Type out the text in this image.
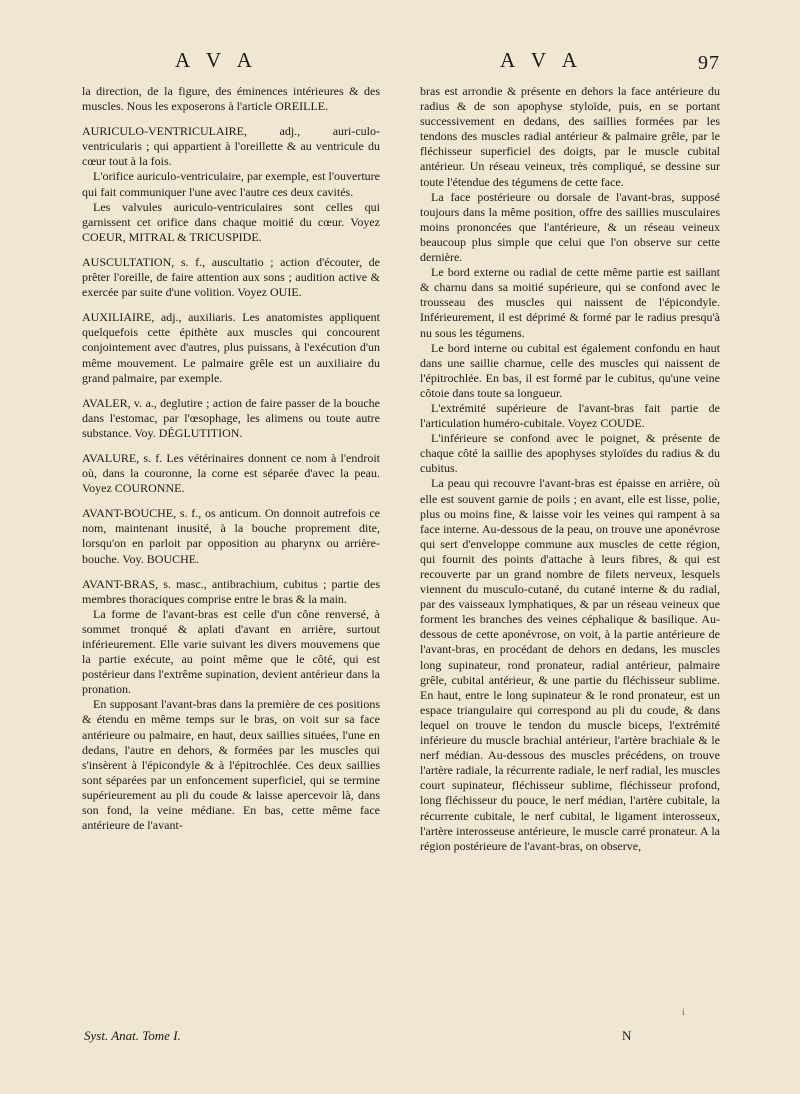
A V A	A V A	97

la direction, de la figure, des éminences intérieures & des muscles. Nous les exposerons à l'article OREILLE.

AURICULO-VENTRICULAIRE, adj., auri-culo-ventricularis ; qui appartient à l'oreillette & au ventricule du cœur tout à la fois.

L'orifice auriculo-ventriculaire, par exemple, est l'ouverture qui fait communiquer l'une avec l'autre ces deux cavités.

Les valvules auriculo-ventriculaires sont celles qui garnissent cet orifice dans chaque moitié du cœur. Voyez COEUR, MITRAL & TRICUSPIDE.

AUSCULTATION, s. f., auscultatio ; action d'écouter, de prêter l'oreille, de faire attention aux sons ; audition active & exercée par suite d'une volition. Voyez OUIE.

AUXILIAIRE, adj., auxiliaris. Les anatomistes appliquent quelquefois cette épithète aux muscles qui concourent conjointement avec d'autres, plus puissans, à l'exécution d'un même mouvement. Le palmaire grêle est un auxiliaire du grand palmaire, par exemple.

AVALER, v. a., deglutire ; action de faire passer de la bouche dans l'estomac, par l'œsophage, les alimens ou toute autre substance. Voy. DÉGLUTITION.

AVALURE, s. f. Les vétérinaires donnent ce nom à l'endroit où, dans la couronne, la corne est séparée d'avec la peau. Voyez COURONNE.

AVANT-BOUCHE, s. f., os anticum. On donnoit autrefois ce nom, maintenant inusité, à la bouche proprement dite, lorsqu'on en parloit par opposition au pharynx ou arrière-bouche. Voy. BOUCHE.

AVANT-BRAS, s. masc., antibrachium, cubitus ; partie des membres thoraciques comprise entre le bras & la main.

La forme de l'avant-bras est celle d'un cône renversé, à sommet tronqué & aplati d'avant en arrière, surtout inférieurement. Elle varie suivant les divers mouvemens que la partie exécute, au point même que le côté, qui est postérieur dans l'extrême supination, devient antérieur dans la pronation.

En supposant l'avant-bras dans la première de ces positions & étendu en même temps sur le bras, on voit sur sa face antérieure ou palmaire, en haut, deux saillies situées, l'une en dedans, l'autre en dehors, & formées par les muscles qui s'insèrent à l'épicondyle & à l'épitrochlée. Ces deux saillies sont séparées par un enfoncement superficiel, qui se termine supérieurement au pli du coude & laisse apercevoir là, dans son fond, la veine médiane. En bas, cette même face antérieure de l'avant-

bras est arrondie & présente en dehors la face antérieure du radius & de son apophyse styloïde, puis, en se portant successivement en dedans, des saillies formées par les tendons des muscles radial antérieur & palmaire grêle, par le fléchisseur superficiel des doigts, par le muscle cubital antérieur. Un réseau veineux, très compliqué, se dessine sur toute l'étendue des tégumens de cette face.

La face postérieure ou dorsale de l'avant-bras, supposé toujours dans la même position, offre des saillies musculaires moins prononcées que l'antérieure, & un réseau veineux beaucoup plus simple que celui que l'on observe sur cette dernière.

Le bord externe ou radial de cette même partie est saillant & charnu dans sa moitié supérieure, qui se confond avec le trousseau des muscles qui naissent de l'épicondyle. Inférieurement, il est déprimé & formé par le radius presqu'à nu sous les tégumens.

Le bord interne ou cubital est également confondu en haut dans une saillie charnue, celle des muscles qui naissent de l'épitrochlée. En bas, il est formé par le cubitus, qu'une veine côtoie dans toute sa longueur.

L'extrémité supérieure de l'avant-bras fait partie de l'articulation huméro-cubitale. Voyez COUDE.

L'inférieure se confond avec le poignet, & présente de chaque côté la saillie des apophyses styloïdes du radius & du cubitus.

La peau qui recouvre l'avant-bras est épaisse en arrière, où elle est souvent garnie de poils ; en avant, elle est lisse, polie, plus ou moins fine, & laisse voir les veines qui rampent à sa face interne. Au-dessous de la peau, on trouve une aponévrose qui sert d'enveloppe commune aux muscles de cette région, qui fournit des points d'attache à leurs fibres, & qui est recouverte par un grand nombre de filets nerveux, lesquels viennent du musculo-cutané, du cutané interne & du radial, par des vaisseaux lymphatiques, & par un réseau veineux que forment les branches des veines céphalique & basilique. Au-dessous de cette aponévrose, on voit, à la partie antérieure de l'avant-bras, en procédant de dehors en dedans, les muscles long supinateur, rond pronateur, radial antérieur, palmaire grêle, cubital antérieur, & une partie du fléchisseur sublime. En haut, entre le long supinateur & le rond pronateur, est un espace triangulaire qui correspond au pli du coude, & dans lequel on trouve le tendon du muscle biceps, l'extrémité inférieure du muscle brachial antérieur, l'artère brachiale & le nerf médian. Au-dessous des muscles précédens, on trouve l'artère radiale, la récurrente radiale, le nerf radial, les muscles court supinateur, fléchisseur sublime, fléchisseur profond, long fléchisseur du pouce, le nerf médian, l'artère cubitale, la récurrente cubitale, le nerf cubital, le ligament interosseux, l'artère interosseuse antérieure, le muscle carré pronateur. A la région postérieure de l'avant-bras, on observe,

i
Syst. Anat. Tome I.	N
